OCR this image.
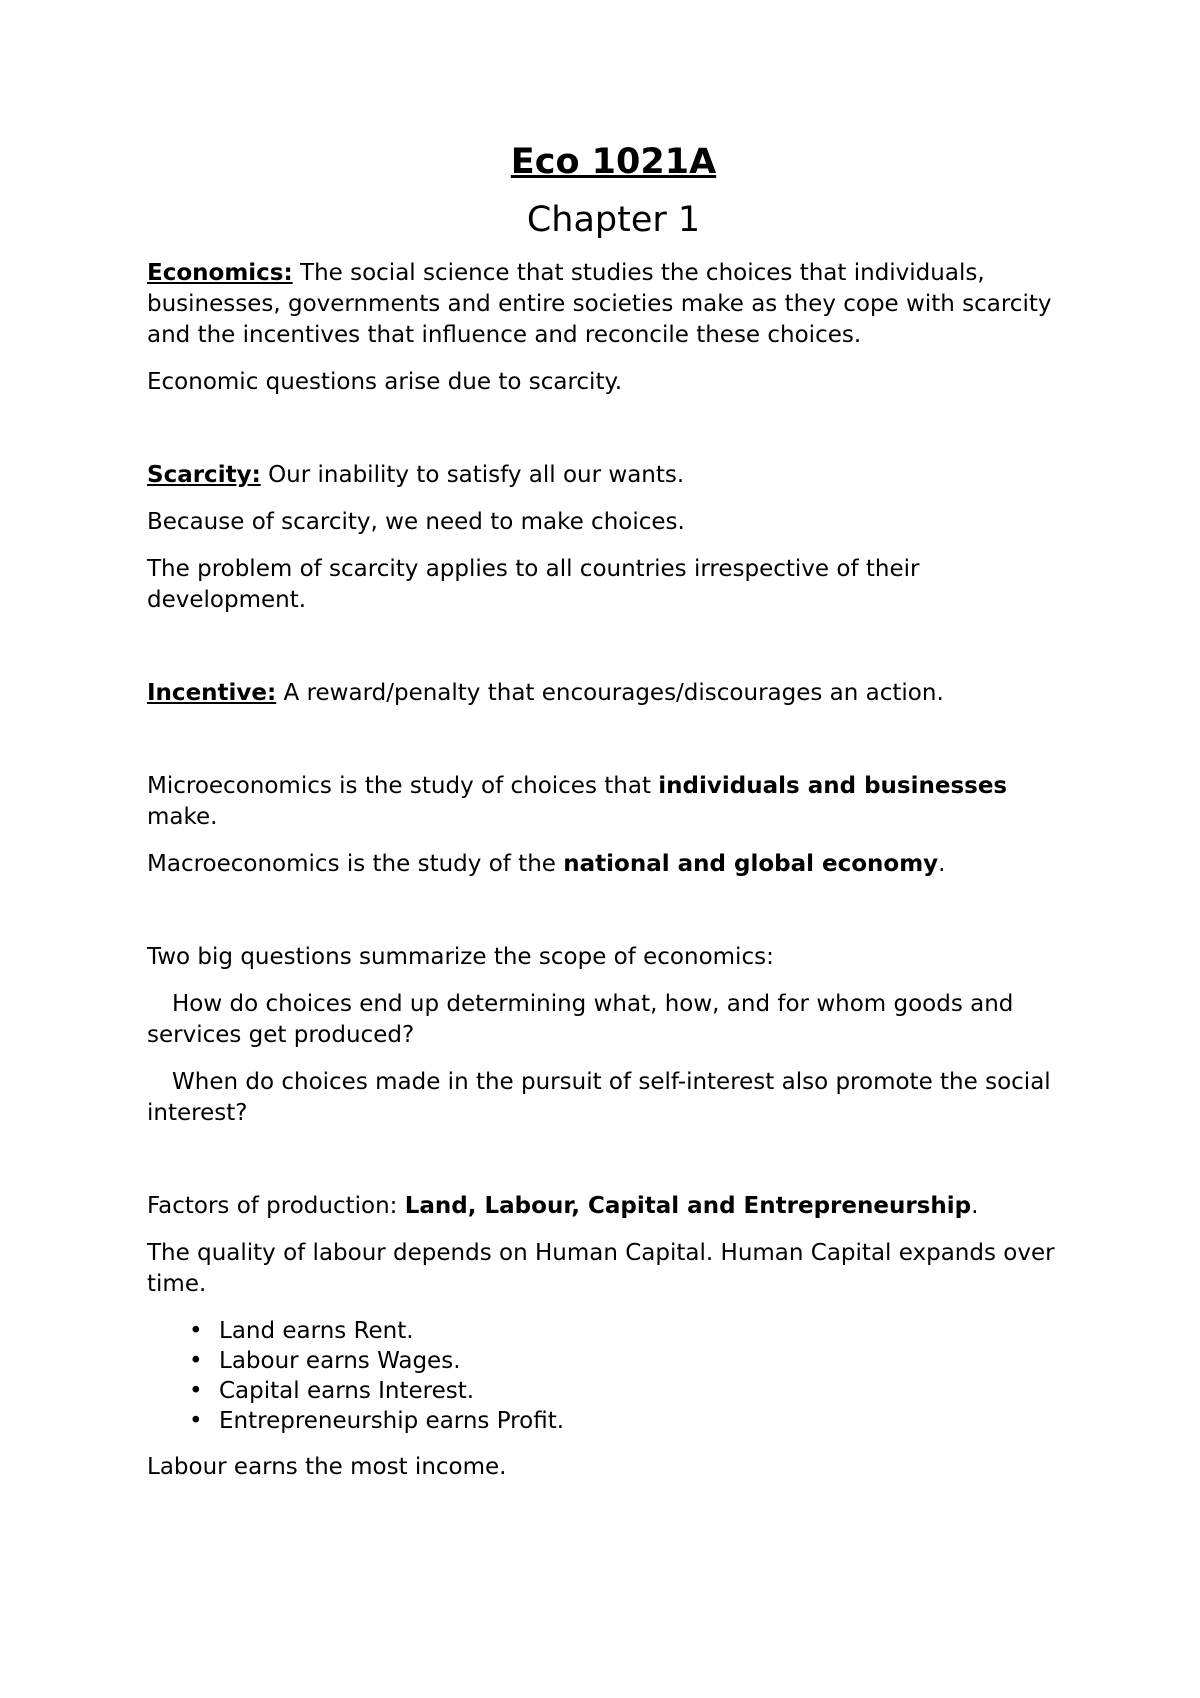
Eco 1021A
Chapter 1

Economics: The social science that studies the choices that individuals, businesses, governments and entire societies make as they cope with scarcity and the incentives that influence and reconcile these choices.

Economic questions arise due to scarcity.

Scarcity: Our inability to satisfy all our wants.

Because of scarcity, we need to make choices.

The problem of scarcity applies to all countries irrespective of their development.

Incentive: A reward/penalty that encourages/discourages an action.

Microeconomics is the study of choices that individuals and businesses make.

Macroeconomics is the study of the national and global economy.

Two big questions summarize the scope of economics:

How do choices end up determining what, how, and for whom goods and services get produced?

When do choices made in the pursuit of self-interest also promote the social interest?

Factors of production: Land, Labour, Capital and Entrepreneurship.

The quality of labour depends on Human Capital. Human Capital expands over time.

• Land earns Rent.
• Labour earns Wages.
• Capital earns Interest.
• Entrepreneurship earns Profit.

Labour earns the most income.
